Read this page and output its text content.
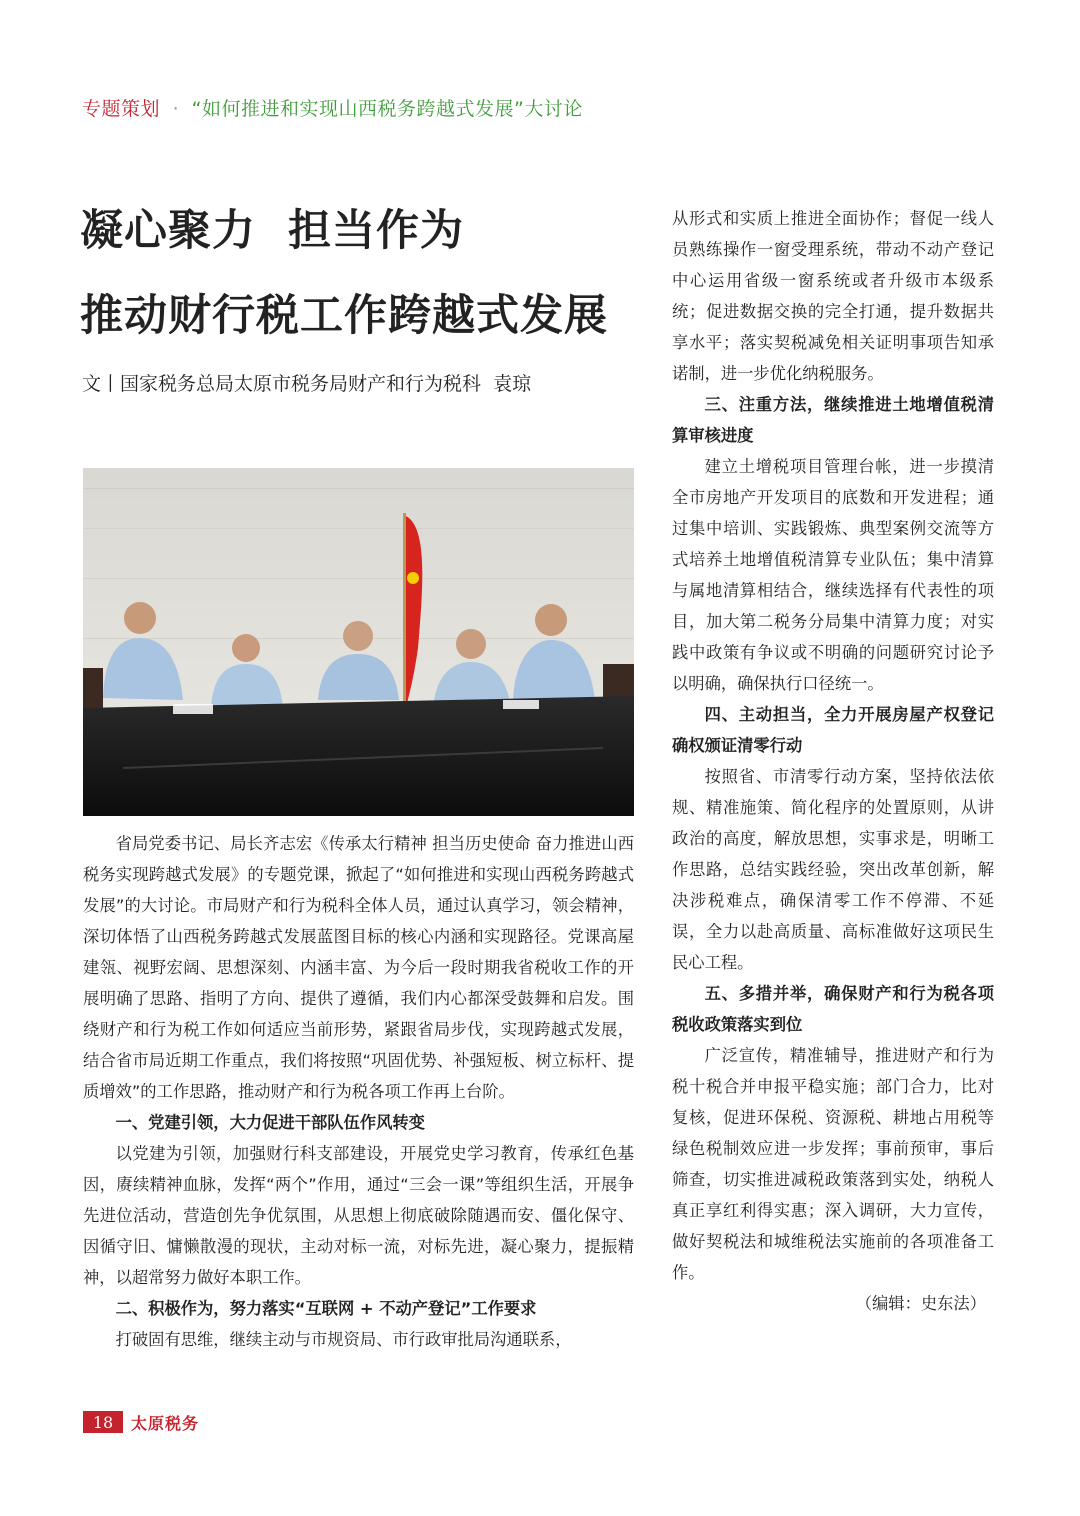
专题策划 · “如何推进和实现山西税务跨越式发展”大讨论
凝心聚力  担当作为
推动财行税工作跨越式发展
文丨国家税务总局太原市税务局财产和行为税科  袁琼

省局党委书记、局长齐志宏《传承太行精神 担当历史使命 奋力推进山西税务实现跨越式发展》的专题党课，掀起了“如何推进和实现山西税务跨越式发展”的大讨论。市局财产和行为税科全体人员，通过认真学习，领会精神，深切体悟了山西税务跨越式发展蓝图目标的核心内涵和实现路径。党课高屋建瓴、视野宏阔、思想深刻、内涵丰富、为今后一段时期我省税收工作的开展明确了思路、指明了方向、提供了遵循，我们内心都深受鼓舞和启发。围绕财产和行为税工作如何适应当前形势，紧跟省局步伐，实现跨越式发展，结合省市局近期工作重点，我们将按照“巩固优势、补强短板、树立标杆、提质增效”的工作思路，推动财产和行为税各项工作再上台阶。

一、党建引领，大力促进干部队伍作风转变

以党建为引领，加强财行科支部建设，开展党史学习教育，传承红色基因，赓续精神血脉，发挥“两个”作用，通过“三会一课”等组织生活，开展争先进位活动，营造创先争优氛围，从思想上彻底破除随遇而安、僵化保守、因循守旧、慵懒散漫的现状，主动对标一流，对标先进，凝心聚力，提振精神，以超常努力做好本职工作。

二、积极作为，努力落实“互联网 + 不动产登记”工作要求

打破固有思维，继续主动与市规资局、市行政审批局沟通联系，

从形式和实质上推进全面协作；督促一线人员熟练操作一窗受理系统，带动不动产登记中心运用省级一窗系统或者升级市本级系统；促进数据交换的完全打通，提升数据共享水平；落实契税减免相关证明事项告知承诺制，进一步优化纳税服务。

三、注重方法，继续推进土地增值税清算审核进度

建立土增税项目管理台帐，进一步摸清全市房地产开发项目的底数和开发进程；通过集中培训、实践锻炼、典型案例交流等方式培养土地增值税清算专业队伍；集中清算与属地清算相结合，继续选择有代表性的项目，加大第二税务分局集中清算力度；对实践中政策有争议或不明确的问题研究讨论予以明确，确保执行口径统一。

四、主动担当，全力开展房屋产权登记确权颁证清零行动

按照省、市清零行动方案，坚持依法依规、精准施策、简化程序的处置原则，从讲政治的高度，解放思想，实事求是，明晰工作思路，总结实践经验，突出改革创新，解决涉税难点，确保清零工作不停滞、不延误，全力以赴高质量、高标准做好这项民生民心工程。

五、多措并举，确保财产和行为税各项税收政策落实到位

广泛宣传，精准辅导，推进财产和行为税十税合并申报平稳实施；部门合力，比对复核，促进环保税、资源税、耕地占用税等绿色税制效应进一步发挥；事前预审，事后筛查，切实推进减税政策落到实处，纳税人真正享红利得实惠；深入调研，大力宣传，做好契税法和城维税法实施前的各项准备工作。

（编辑：史东法）

18	太原税务
